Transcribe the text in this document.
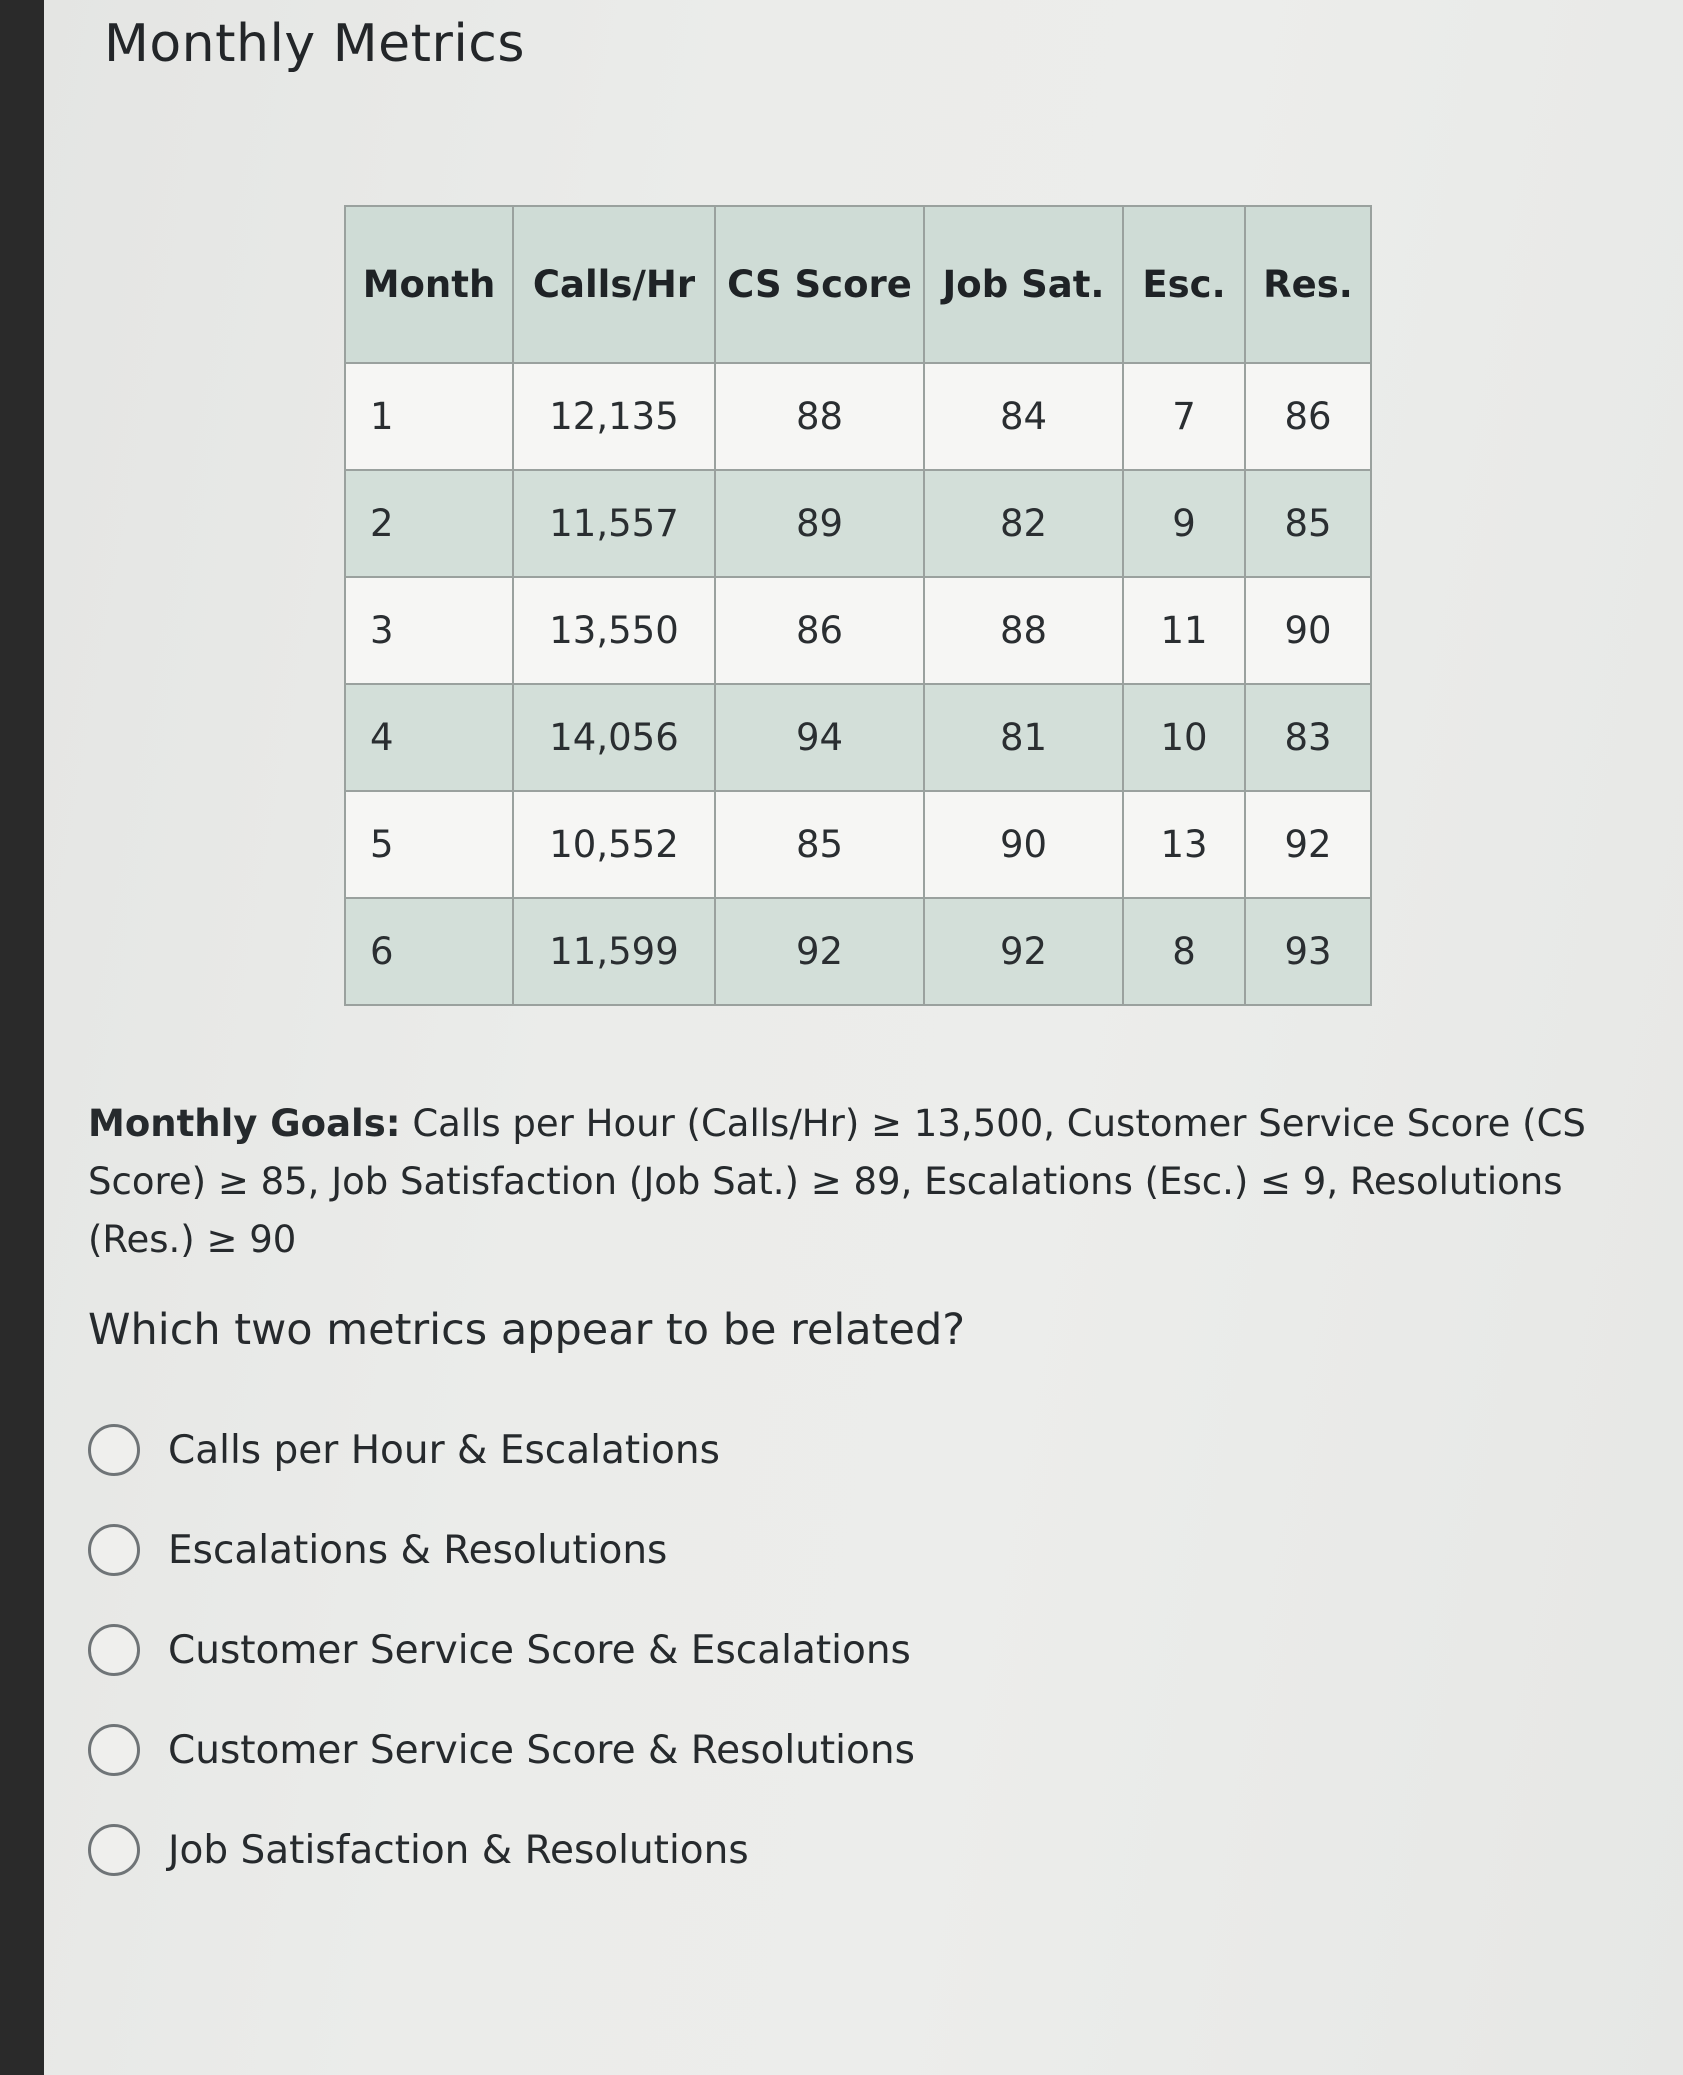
Monthly Metrics
Month	Calls/Hr	CS Score	Job Sat.	Esc.	Res.
1	12,135	88	84	7	86
2	11,557	89	82	9	85
3	13,550	86	88	11	90
4	14,056	94	81	10	83
5	10,552	85	90	13	92
6	11,599	92	92	8	93
Monthly Goals: Calls per Hour (Calls/Hr) ≥ 13,500, Customer Service Score (CS Score) ≥ 85, Job Satisfaction (Job Sat.) ≥ 89, Escalations (Esc.) ≤ 9, Resolutions (Res.) ≥ 90
Which two metrics appear to be related?
Calls per Hour & Escalations
Escalations & Resolutions
Customer Service Score & Escalations
Customer Service Score & Resolutions
Job Satisfaction & Resolutions
